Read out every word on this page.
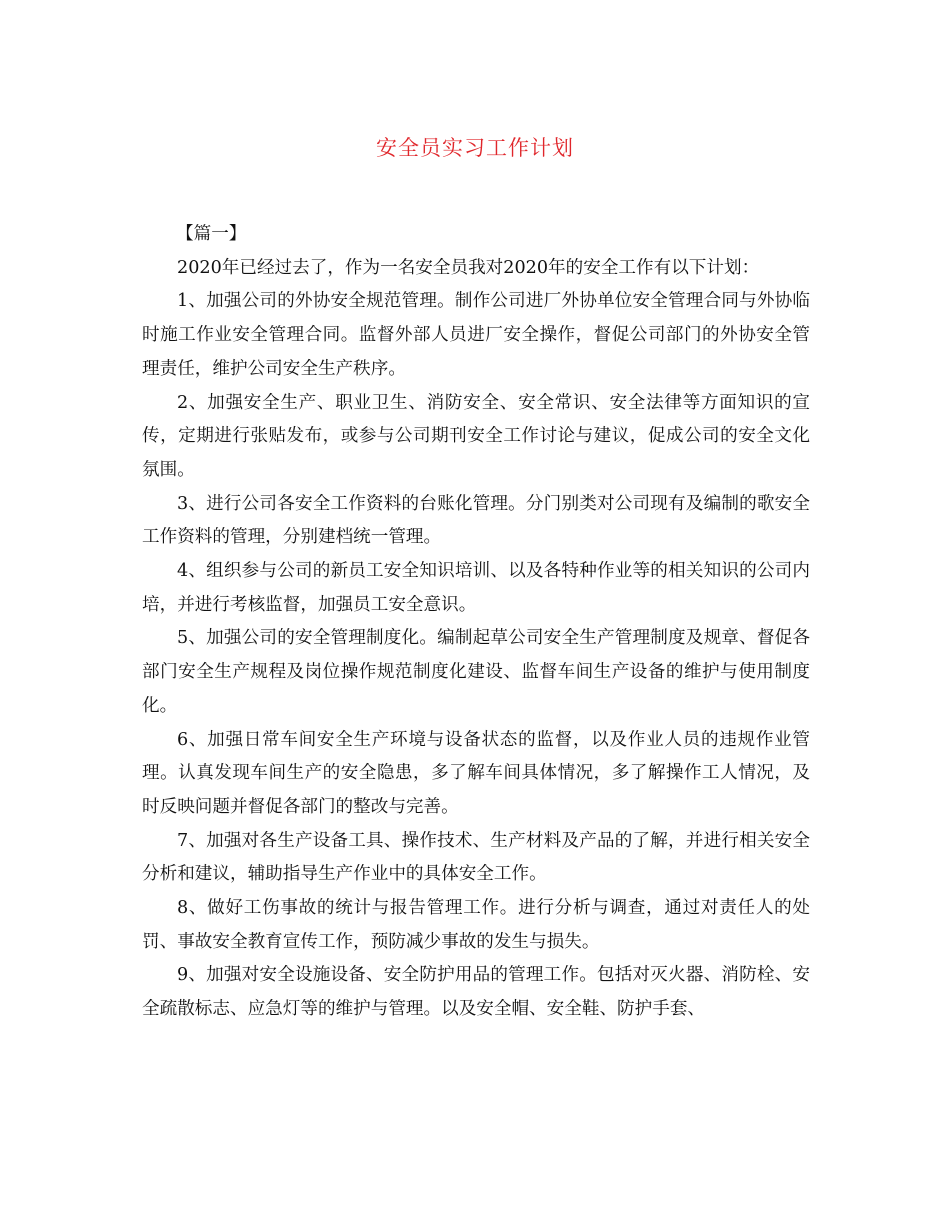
安全员实习工作计划

【篇一】

2020年已经过去了，作为一名安全员我对2020年的安全工作有以下计划：

1、加强公司的外协安全规范管理。制作公司进厂外协单位安全管理合同与外协临时施工作业安全管理合同。监督外部人员进厂安全操作，督促公司部门的外协安全管理责任，维护公司安全生产秩序。

2、加强安全生产、职业卫生、消防安全、安全常识、安全法律等方面知识的宣传，定期进行张贴发布，或参与公司期刊安全工作讨论与建议，促成公司的安全文化氛围。

3、进行公司各安全工作资料的台账化管理。分门别类对公司现有及编制的歌安全工作资料的管理，分别建档统一管理。

4、组织参与公司的新员工安全知识培训、以及各特种作业等的相关知识的公司内培，并进行考核监督，加强员工安全意识。

5、加强公司的安全管理制度化。编制起草公司安全生产管理制度及规章、督促各部门安全生产规程及岗位操作规范制度化建设、监督车间生产设备的维护与使用制度化。

6、加强日常车间安全生产环境与设备状态的监督，以及作业人员的违规作业管理。认真发现车间生产的安全隐患，多了解车间具体情况，多了解操作工人情况，及时反映问题并督促各部门的整改与完善。

7、加强对各生产设备工具、操作技术、生产材料及产品的了解，并进行相关安全分析和建议，辅助指导生产作业中的具体安全工作。

8、做好工伤事故的统计与报告管理工作。进行分析与调查，通过对责任人的处罚、事故安全教育宣传工作，预防减少事故的发生与损失。

9、加强对安全设施设备、安全防护用品的管理工作。包括对灭火器、消防栓、安全疏散标志、应急灯等的维护与管理。以及安全帽、安全鞋、防护手套、
